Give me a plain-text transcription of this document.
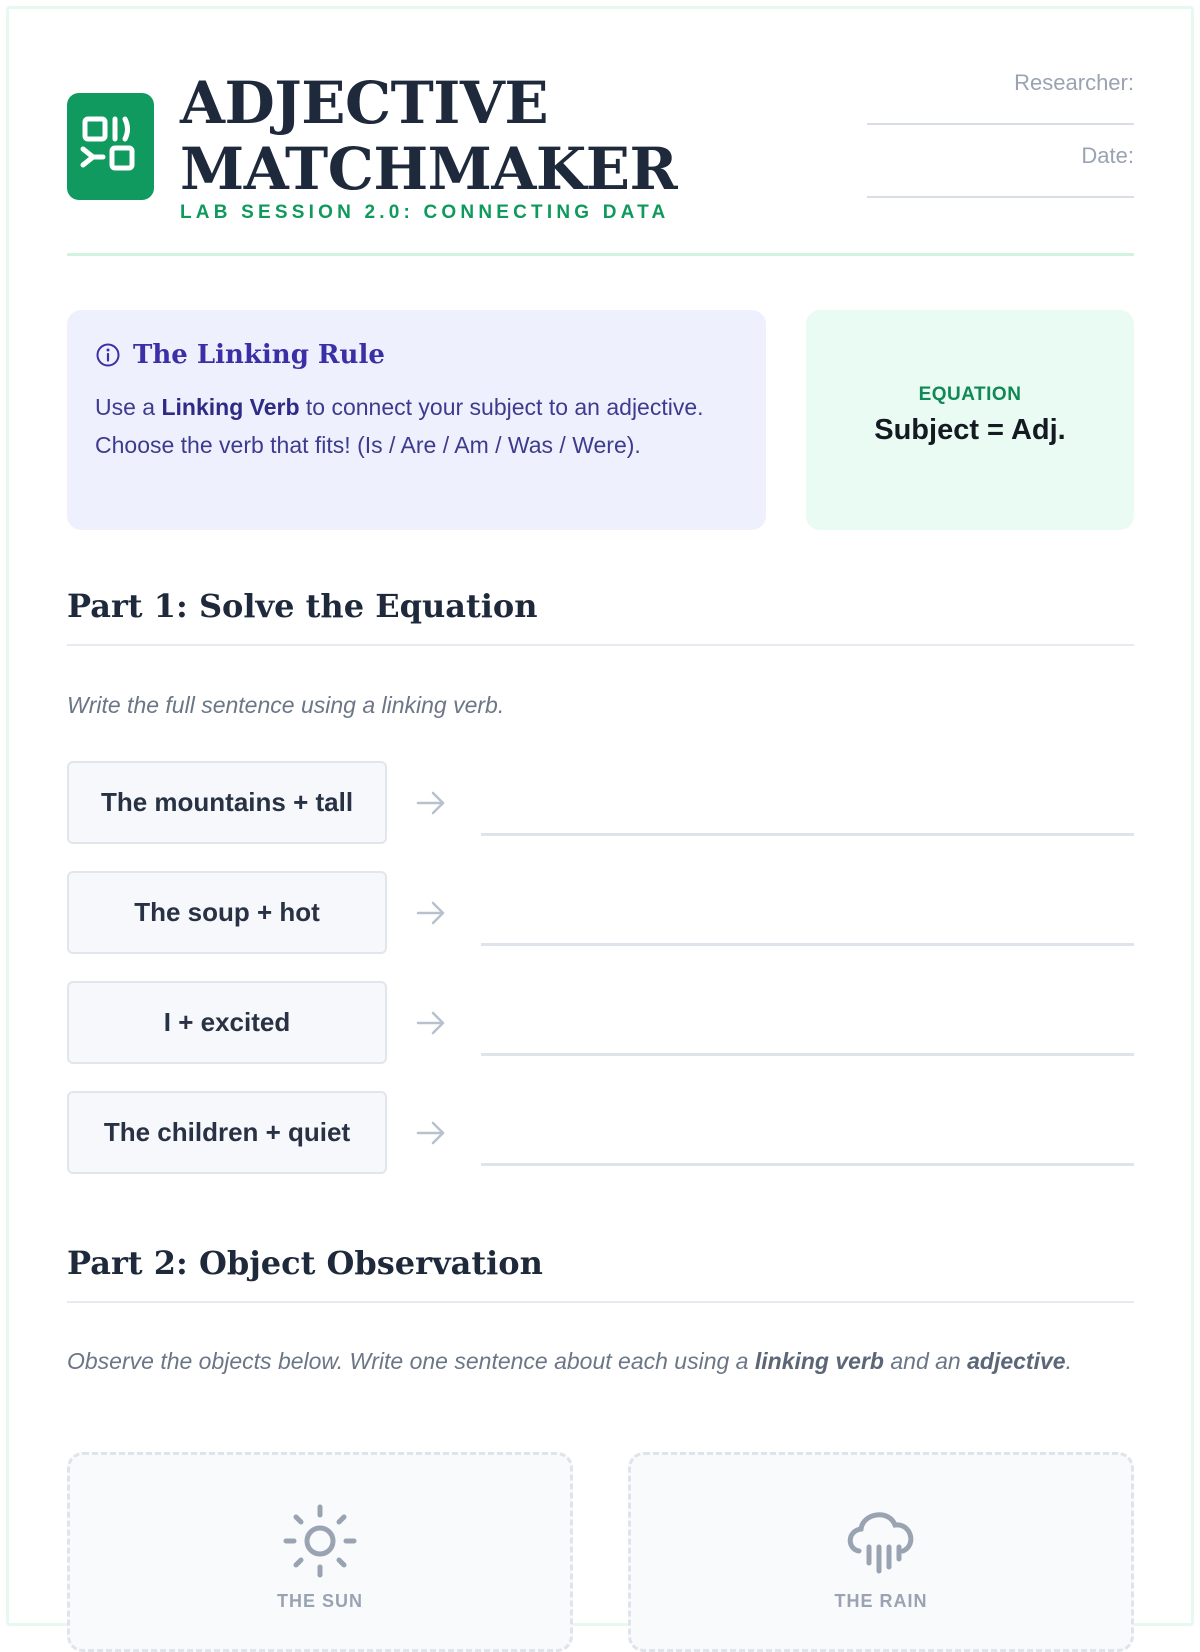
ADJECTIVE
MATCHMAKER
LAB SESSION 2.0: CONNECTING DATA
Researcher:
Date:
The Linking Rule
Use a Linking Verb to connect your subject to an adjective. Choose the verb that fits! (Is / Are / Am / Was / Were).
EQUATION
Subject = Adj.
Part 1: Solve the Equation
Write the full sentence using a linking verb.
The mountains + tall
The soup + hot
I + excited
The children + quiet
Part 2: Object Observation
Observe the objects below. Write one sentence about each using a linking verb and an adjective.
THE SUN	THE RAIN
